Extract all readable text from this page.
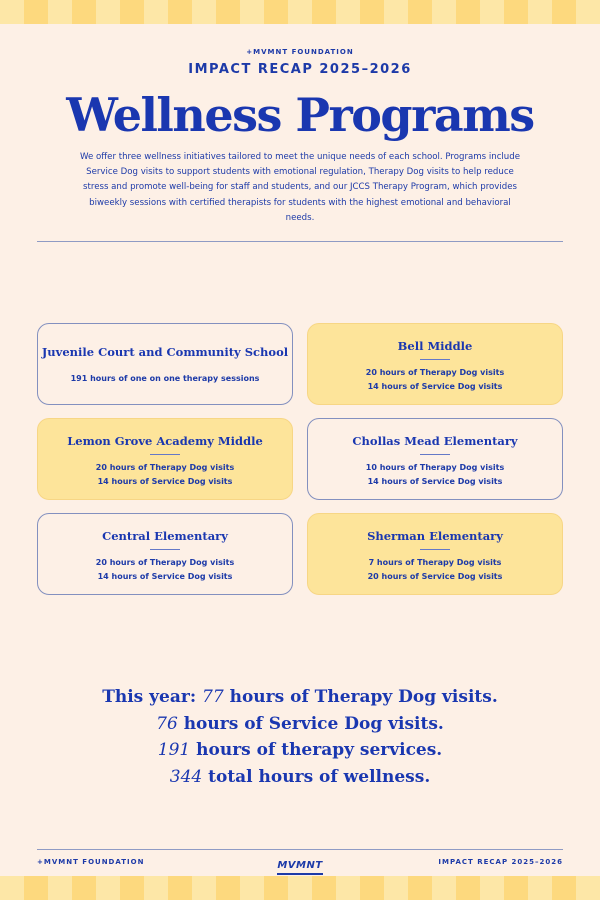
+MVMNT FOUNDATION
IMPACT RECAP 2025–2026
Wellness Programs
We offer three wellness initiatives tailored to meet the unique needs of each school. Programs include Service Dog visits to support students with emotional regulation, Therapy Dog visits to help reduce stress and promote well-being for staff and students, and our JCCS Therapy Program, which provides biweekly sessions with certified therapists for students with the highest emotional and behavioral needs.
Juvenile Court and Community School
191 hours of one on one therapy sessions
Bell Middle
20 hours of Therapy Dog visits
14 hours of Service Dog visits
Lemon Grove Academy Middle
20 hours of Therapy Dog visits
14 hours of Service Dog visits
Chollas Mead Elementary
10 hours of Therapy Dog visits
14 hours of Service Dog visits
Central Elementary
20 hours of Therapy Dog visits
14 hours of Service Dog visits
Sherman Elementary
7 hours of Therapy Dog visits
20 hours of Service Dog visits
This year: 77 hours of Therapy Dog visits.
76 hours of Service Dog visits.
191 hours of therapy services.
344 total hours of wellness.
+MVMNT FOUNDATION	MVMNT	IMPACT RECAP 2025–2026
